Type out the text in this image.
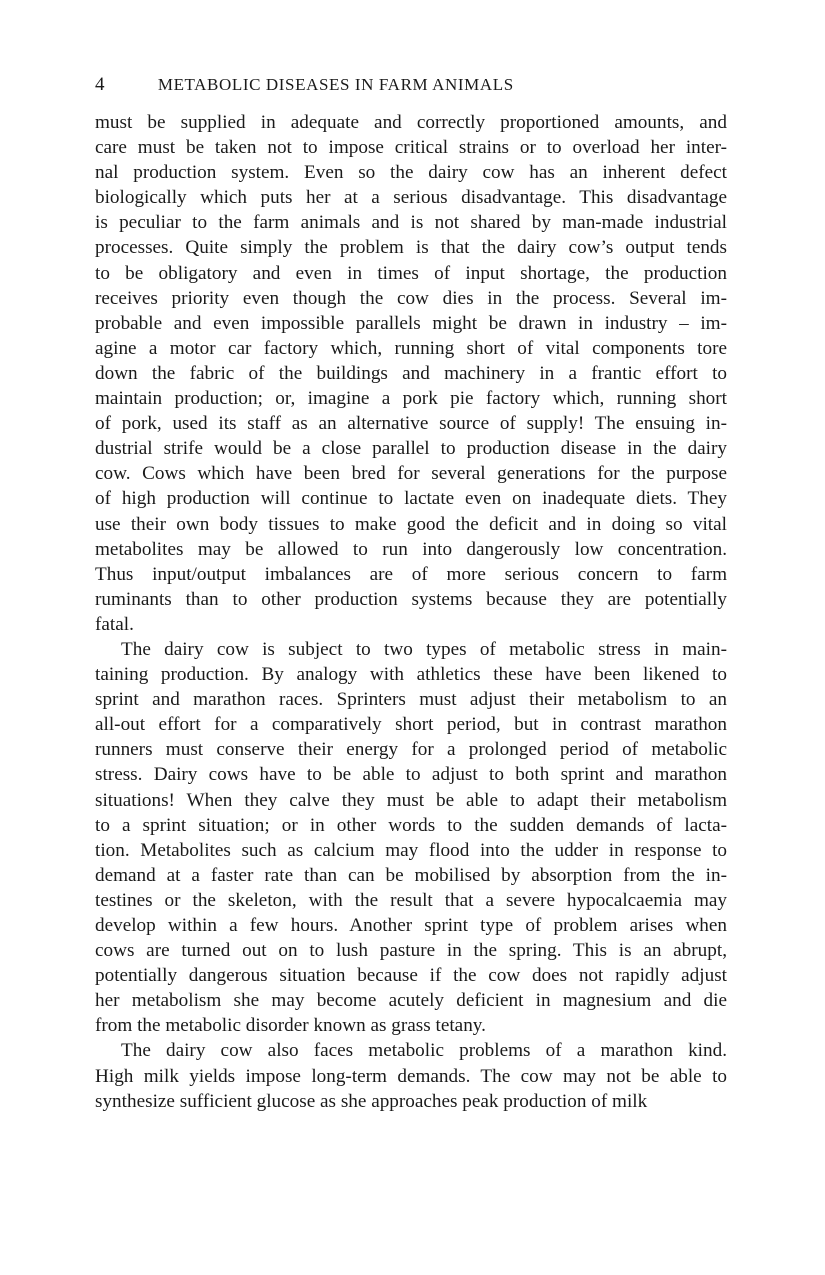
4	METABOLIC DISEASES IN FARM ANIMALS
must be supplied in adequate and correctly proportioned amounts, and
care must be taken not to impose critical strains or to overload her inter-
nal production system. Even so the dairy cow has an inherent defect
biologically which puts her at a serious disadvantage. This disadvantage
is peculiar to the farm animals and is not shared by man-made industrial
processes. Quite simply the problem is that the dairy cow’s output tends
to be obligatory and even in times of input shortage, the production
receives priority even though the cow dies in the process. Several im-
probable and even impossible parallels might be drawn in industry – im-
agine a motor car factory which, running short of vital components tore
down the fabric of the buildings and machinery in a frantic effort to
maintain production; or, imagine a pork pie factory which, running short
of pork, used its staff as an alternative source of supply! The ensuing in-
dustrial strife would be a close parallel to production disease in the dairy
cow. Cows which have been bred for several generations for the purpose
of high production will continue to lactate even on inadequate diets. They
use their own body tissues to make good the deficit and in doing so vital
metabolites may be allowed to run into dangerously low concentration.
Thus input/output imbalances are of more serious concern to farm
ruminants than to other production systems because they are potentially
fatal.
The dairy cow is subject to two types of metabolic stress in main-
taining production. By analogy with athletics these have been likened to
sprint and marathon races. Sprinters must adjust their metabolism to an
all-out effort for a comparatively short period, but in contrast marathon
runners must conserve their energy for a prolonged period of metabolic
stress. Dairy cows have to be able to adjust to both sprint and marathon
situations! When they calve they must be able to adapt their metabolism
to a sprint situation; or in other words to the sudden demands of lacta-
tion. Metabolites such as calcium may flood into the udder in response to
demand at a faster rate than can be mobilised by absorption from the in-
testines or the skeleton, with the result that a severe hypocalcaemia may
develop within a few hours. Another sprint type of problem arises when
cows are turned out on to lush pasture in the spring. This is an abrupt,
potentially dangerous situation because if the cow does not rapidly adjust
her metabolism she may become acutely deficient in magnesium and die
from the metabolic disorder known as grass tetany.
The dairy cow also faces metabolic problems of a marathon kind.
High milk yields impose long-term demands. The cow may not be able to
synthesize sufficient glucose as she approaches peak production of milk
